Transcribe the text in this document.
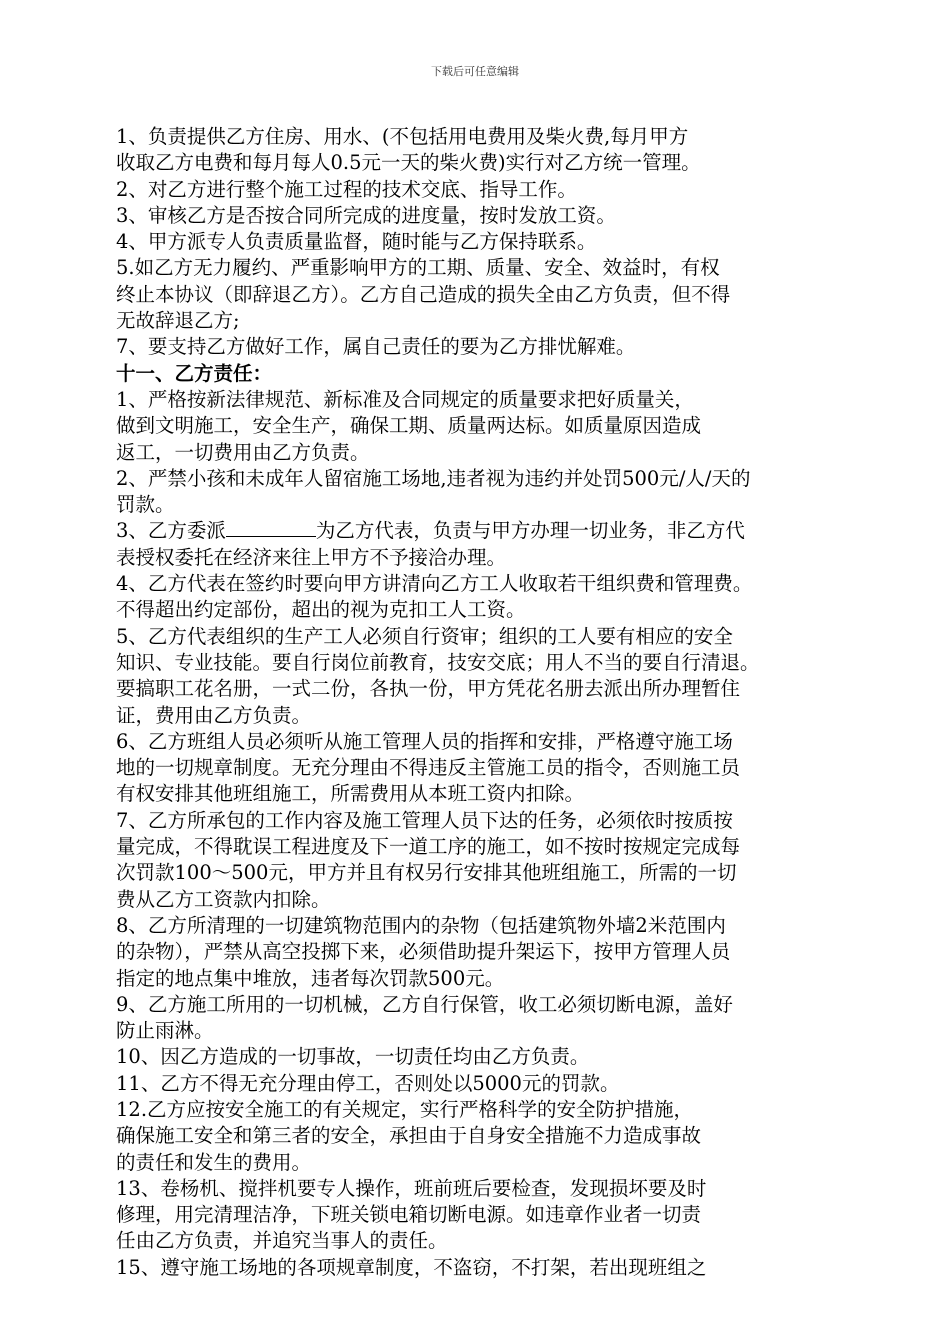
下载后可任意编辑

1、负责提供乙方住房、用水、(不包括用电费用及柴火费,每月甲方

收取乙方电费和每月每人0.5元一天的柴火费)实行对乙方统一管理。

2、对乙方进行整个施工过程的技术交底、指导工作。

3、审核乙方是否按合同所完成的进度量，按时发放工资。

4、甲方派专人负责质量监督，随时能与乙方保持联系。

5.如乙方无力履约、严重影响甲方的工期、质量、安全、效益时，有权

终止本协议（即辞退乙方）。乙方自己造成的损失全由乙方负责，但不得

无故辞退乙方;

7、要支持乙方做好工作，属自己责任的要为乙方排忧解难。

十一、乙方责任：

1、严格按新法律规范、新标准及合同规定的质量要求把好质量关，

做到文明施工，安全生产，确保工期、质量两达标。如质量原因造成

返工，一切费用由乙方负责。

2、严禁小孩和未成年人留宿施工场地,违者视为违约并处罚500元/人/天的

罚款。

3、乙方委派	为乙方代表，负责与甲方办理一切业务，非乙方代

表授权委托在经济来往上甲方不予接洽办理。

4、乙方代表在签约时要向甲方讲清向乙方工人收取若干组织费和管理费。

不得超出约定部份，超出的视为克扣工人工资。

5、乙方代表组织的生产工人必须自行资审；组织的工人要有相应的安全

知识、专业技能。要自行岗位前教育，技安交底；用人不当的要自行清退。

要搞职工花名册，一式二份，各执一份，甲方凭花名册去派出所办理暂住

证，费用由乙方负责。

6、乙方班组人员必须听从施工管理人员的指挥和安排，严格遵守施工场

地的一切规章制度。无充分理由不得违反主管施工员的指令，否则施工员

有权安排其他班组施工，所需费用从本班工资内扣除。

7、乙方所承包的工作内容及施工管理人员下达的任务，必须依时按质按

量完成，不得耽误工程进度及下一道工序的施工，如不按时按规定完成每

次罚款100～500元，甲方并且有权另行安排其他班组施工，所需的一切

费从乙方工资款内扣除。

8、乙方所清理的一切建筑物范围内的杂物（包括建筑物外墙2米范围内

的杂物），严禁从高空投掷下来，必须借助提升架运下，按甲方管理人员

指定的地点集中堆放，违者每次罚款500元。

9、乙方施工所用的一切机械，乙方自行保管，收工必须切断电源，盖好

防止雨淋。

10、因乙方造成的一切事故，一切责任均由乙方负责。

11、乙方不得无充分理由停工，否则处以5000元的罚款。

12.乙方应按安全施工的有关规定，实行严格科学的安全防护措施，

确保施工安全和第三者的安全，承担由于自身安全措施不力造成事故

的责任和发生的费用。

13、卷杨机、搅拌机要专人操作，班前班后要检查，发现损坏要及时

修理，用完清理洁净，下班关锁电箱切断电源。如违章作业者一切责

任由乙方负责，并追究当事人的责任。

15、遵守施工场地的各项规章制度，不盗窃，不打架，若出现班组之
